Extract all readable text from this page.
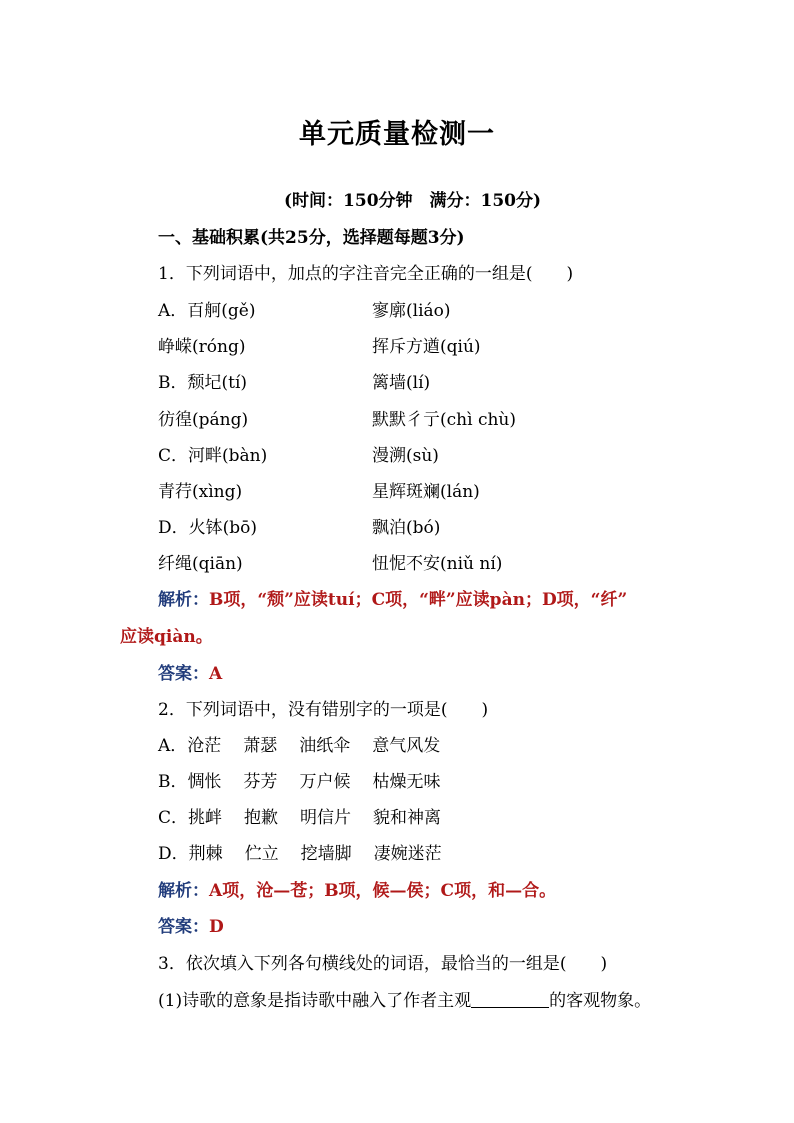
单元质量检测一
(时间：150分钟　满分：150分)
一、基础积累(共25分，选择题每题3分)
1．下列词语中，加点的字注音完全正确的一组是(　　)
A．百舸(gě)	寥廓(liáo)
峥嵘(róng)	挥斥方遒(qiú)
B．颓圮(tí)	篱墙(lí)
彷徨(páng)	默默彳亍(chì chù)
C．河畔(bàn)	漫溯(sù)
青荇(xìng)	星辉斑斓(lán)
D．火钵(bō)	飘泊(bó)
纤绳(qiān)	忸怩不安(niǔ ní)
解析：B项，“颓”应读tuí；C项，“畔”应读pàn；D项，“纤”
应读qiàn。
答案：A
2．下列词语中，没有错别字的一项是(　　)
A．沧茫 萧瑟 油纸伞 意气风发
B．惆怅 芬芳 万户候 枯燥无味
C．挑衅 抱歉 明信片 貌和神离
D．荆棘 伫立 挖墙脚 凄婉迷茫
解析：A项，沧—苍；B项，候—侯；C项，和—合。
答案：D
3．依次填入下列各句横线处的词语，最恰当的一组是(　　)
(1)诗歌的意象是指诗歌中融入了作者主观	的客观物象。
